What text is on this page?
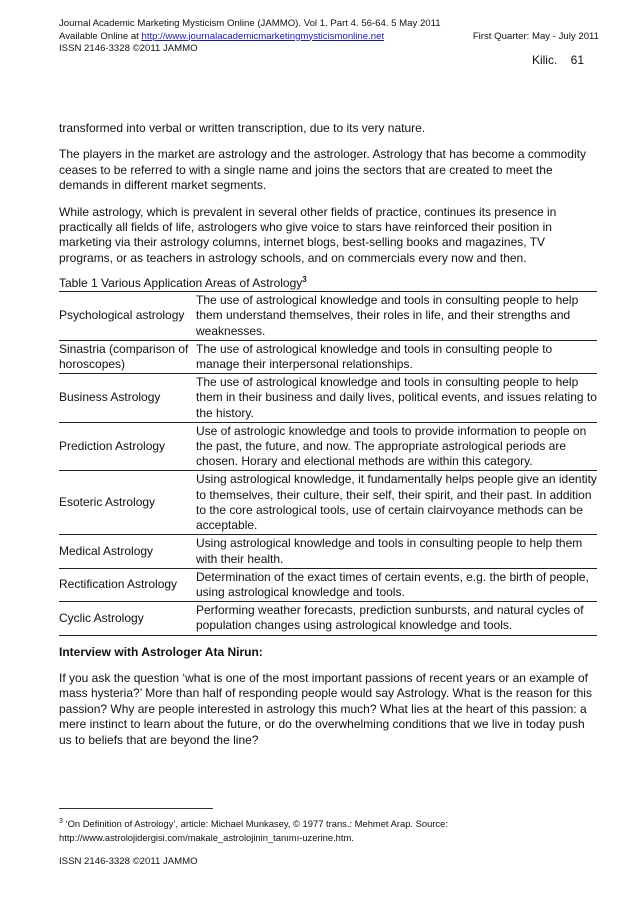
Journal Academic Marketing Mysticism Online (JAMMO). Vol 1. Part 4. 56-64. 5 May 2011
Available Online at http://www.journalacademicmarketingmysticismonline.net	First Quarter: May - July 2011
ISSN 2146-3328 ©2011 JAMMO
Kilic.    61

transformed into verbal or written transcription, due to its very nature.

The players in the market are astrology and the astrologer. Astrology that has become a commodity ceases to be referred to with a single name and joins the sectors that are created to meet the demands in different market segments.

While astrology, which is prevalent in several other fields of practice, continues its presence in practically all fields of life, astrologers who give voice to stars have reinforced their position in marketing via their astrology columns, internet blogs, best-selling books and magazines, TV programs, or as teachers in astrology schools, and on commercials every now and then.

Table 1 Various Application Areas of Astrology$^3$
Psychological astrology	The use of astrological knowledge and tools in consulting people to help them understand themselves, their roles in life, and their strengths and weaknesses.
Sinastria (comparison of horoscopes)	The use of astrological knowledge and tools in consulting people to manage their interpersonal relationships.
Business Astrology	The use of astrological knowledge and tools in consulting people to help them in their business and daily lives, political events, and issues relating to the history.
Prediction Astrology	Use of astrologic knowledge and tools to provide information to people on the past, the future, and now. The appropriate astrological periods are chosen. Horary and electional methods are within this category.
Esoteric Astrology	Using astrological knowledge, it fundamentally helps people give an identity to themselves, their culture, their self, their spirit, and their past. In addition to the core astrological tools, use of certain clairvoyance methods can be acceptable.
Medical Astrology	Using astrological knowledge and tools in consulting people to help them with their health.
Rectification Astrology	Determination of the exact times of certain events, e.g. the birth of people, using astrological knowledge and tools.
Cyclic Astrology	Performing weather forecasts, prediction sunbursts, and natural cycles of population changes using astrological knowledge and tools.
Interview with Astrologer Ata Nirun:

If you ask the question ‘what is one of the most important passions of recent years or an example of mass hysteria?’ More than half of responding people would say Astrology. What is the reason for this passion? Why are people interested in astrology this much? What lies at the heart of this passion: a mere instinct to learn about the future, or do the overwhelming conditions that we live in today push us to beliefs that are beyond the line?

$^3$ ‘On Definition of Astrology’, article: Michael Munkasey, © 1977 trans.: Mehmet Arap. Source: http://www.astrolojidergisi.com/makale_astrolojinin_tanımı-uzerine.htm.
ISSN 2146-3328 ©2011 JAMMO
